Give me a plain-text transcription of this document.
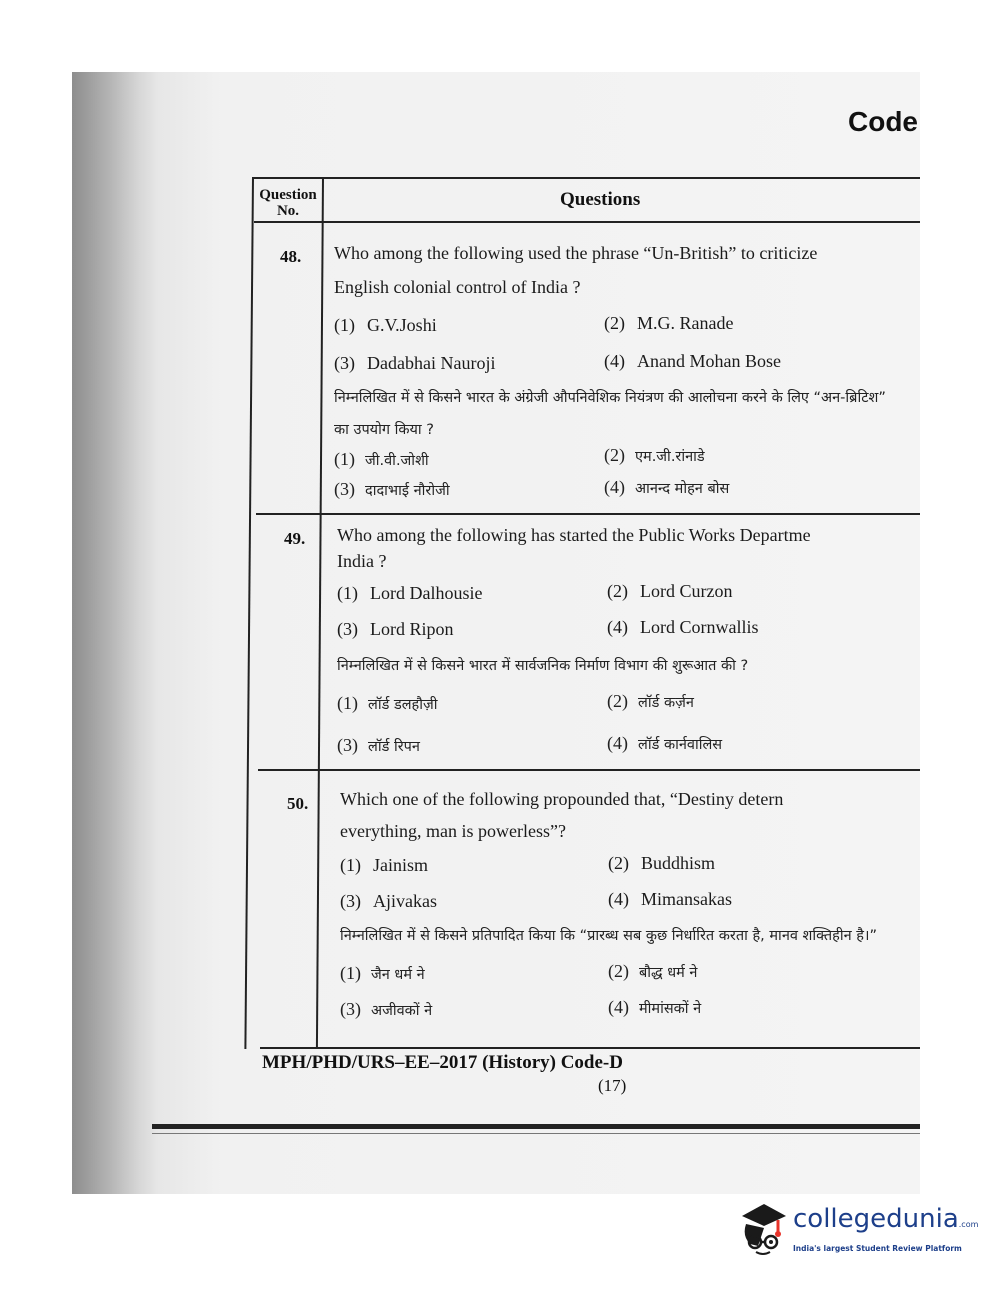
Code
Question No.
Questions
48. Who among the following used the phrase “Un-British” to criticize
English colonial control of India ?
(1) G.V.Joshi	(2) M.G. Ranade
(3) Dadabhai Nauroji	(4) Anand Mohan Bose
निम्नलिखित में से किसने भारत के अंग्रेजी औपनिवेशिक नियंत्रण की आलोचना करने के लिए “अन-ब्रिटिश”
का उपयोग किया ?
(1) जी.वी.जोशी	(2) एम.जी.रांनाडे
(3) दादाभाई नौरोजी	(4) आनन्द मोहन बोस
49. Who among the following has started the Public Works Departme
India ?
(1) Lord Dalhousie	(2) Lord Curzon
(3) Lord Ripon	(4) Lord Cornwallis
निम्नलिखित में से किसने भारत में सार्वजनिक निर्माण विभाग की शुरूआत की ?
(1) लॉर्ड डलहौज़ी	(2) लॉर्ड कर्ज़न
(3) लॉर्ड रिपन	(4) लॉर्ड कार्नवालिस
50. Which one of the following propounded that, “Destiny detern
everything, man is powerless”?
(1) Jainism	(2) Buddhism
(3) Ajivakas	(4) Mimansakas
निम्नलिखित में से किसने प्रतिपादित किया कि “प्रारब्ध सब कुछ निर्धारित करता है, मानव शक्तिहीन है।”
(1) जैन धर्म ने	(2) बौद्ध धर्म ने
(3) अजीवकों ने	(4) मीमांसकों ने
MPH/PHD/URS–EE–2017 (History) Code-D
(17)
collegedunia.com
India's largest Student Review Platform
